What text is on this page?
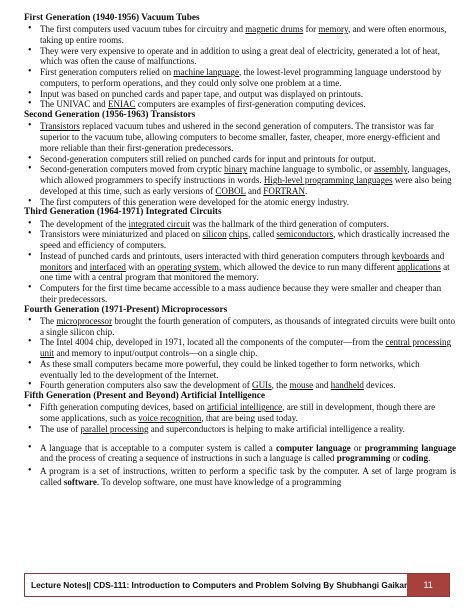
First Generation (1940-1956) Vacuum Tubes
• The first computers used vacuum tubes for circuitry and magnetic drums for memory, and were often enormous, taking up entire rooms.
• They were very expensive to operate and in addition to using a great deal of electricity, generated a lot of heat, which was often the cause of malfunctions.
• First generation computers relied on machine language, the lowest-level programming language understood by computers, to perform operations, and they could only solve one problem at a time.
• Input was based on punched cards and paper tape, and output was displayed on printouts.
• The UNIVAC and ENIAC computers are examples of first-generation computing devices.
Second Generation (1956-1963) Transistors
• Transistors replaced vacuum tubes and ushered in the second generation of computers. The transistor was far superior to the vacuum tube, allowing computers to become smaller, faster, cheaper, more energy-efficient and more reliable than their first-generation predecessors.
• Second-generation computers still relied on punched cards for input and printouts for output.
• Second-generation computers moved from cryptic binary machine language to symbolic, or assembly, languages, which allowed programmers to specify instructions in words. High-level programming languages were also being developed at this time, such as early versions of COBOL and FORTRAN.
• The first computers of this generation were developed for the atomic energy industry.
Third Generation (1964-1971) Integrated Circuits
• The development of the integrated circuit was the hallmark of the third generation of computers.
• Transistors were miniaturized and placed on silicon chips, called semiconductors, which drastically increased the speed and efficiency of computers.
• Instead of punched cards and printouts, users interacted with third generation computers through keyboards and monitors and interfaced with an operating system, which allowed the device to run many different applications at one time with a central program that monitored the memory.
• Computers for the first time became accessible to a mass audience because they were smaller and cheaper than their predecessors.
Fourth Generation (1971-Present) Microprocessors
• The microprocessor brought the fourth generation of computers, as thousands of integrated circuits were built onto a single silicon chip.
• The Intel 4004 chip, developed in 1971, located all the components of the computer—from the central processing unit and memory to input/output controls—on a single chip.
• As these small computers became more powerful, they could be linked together to form networks, which eventually led to the development of the Internet.
• Fourth generation computers also saw the development of GUIs, the mouse and handheld devices.
Fifth Generation (Present and Beyond) Artificial Intelligence
• Fifth generation computing devices, based on artificial intelligence, are still in development, though there are some applications, such as voice recognition, that are being used today.
• The use of parallel processing and superconductors is helping to make artificial intelligence a reality.
• A language that is acceptable to a computer system is called a computer language or programming language and the process of creating a sequence of instructions in such a language is called programming or coding.
• A program is a set of instructions, written to perform a specific task by the computer. A set of large program is called software. To develop software, one must have knowledge of a programming
Lecture Notes|| CDS-111: Introduction to Computers and Problem Solving By Shubhangi Gaikar	11
